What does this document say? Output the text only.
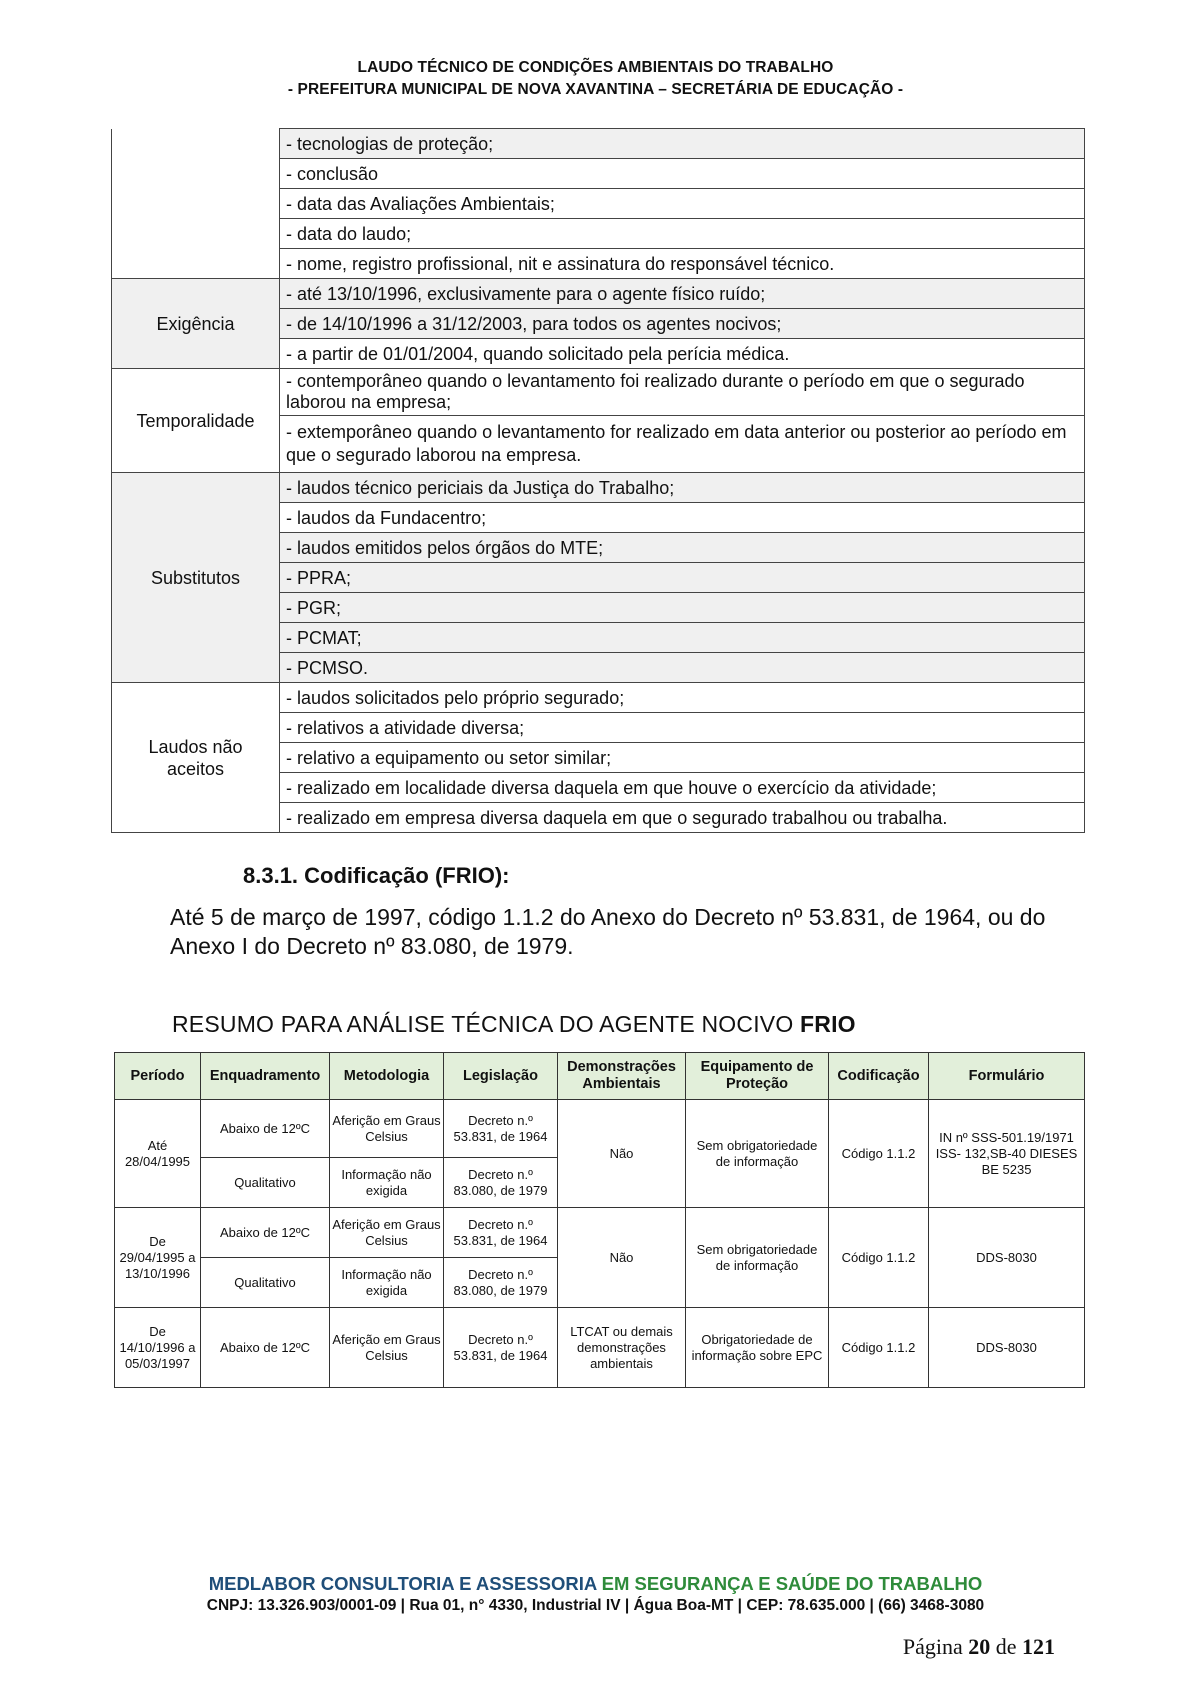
LAUDO TÉCNICO DE CONDIÇÕES AMBIENTAIS DO TRABALHO
- PREFEITURA MUNICIPAL DE NOVA XAVANTINA – SECRETÁRIA DE EDUCAÇÃO -
	- tecnologias de proteção;
	- conclusão
	- data das Avaliações Ambientais;
	- data do laudo;
	- nome, registro profissional, nit e assinatura do responsável técnico.
Exigência	- até 13/10/1996, exclusivamente para o agente físico ruído;
	- de 14/10/1996 a 31/12/2003, para todos os agentes nocivos;
	- a partir de 01/01/2004, quando solicitado pela perícia médica.
Temporalidade	- contemporâneo quando o levantamento foi realizado durante o período em que o segurado laborou na empresa;
	- extemporâneo quando o levantamento for realizado em data anterior ou posterior ao período em que o segurado laborou na empresa.
Substitutos	- laudos técnico periciais da Justiça do Trabalho;
	- laudos da Fundacentro;
	- laudos emitidos pelos órgãos do MTE;
	- PPRA;
	- PGR;
	- PCMAT;
	- PCMSO.

Laudos não
aceitos	- laudos solicitados pelo próprio segurado;
	- relativos a atividade diversa;
	- relativo a equipamento ou setor similar;
	- realizado em localidade diversa daquela em que houve o exercício da atividade;
	- realizado em empresa diversa daquela em que o segurado trabalhou ou trabalha.
8.3.1. Codificação (FRIO):
Até 5 de março de 1997, código 1.1.2 do Anexo do Decreto nº 53.831, de 1964, ou do Anexo I do Decreto nº 83.080, de 1979.
RESUMO PARA ANÁLISE TÉCNICA DO AGENTE NOCIVO FRIO
Período	Enquadramento	Metodologia	Legislação	Demonstrações Ambientais	Equipamento de Proteção	Codificação	Formulário
Até 28/04/1995	Abaixo de 12ºC	Aferição em Graus Celsius	Decreto n.º 53.831, de 1964	Não	Sem obrigatoriedade de informação	Código 1.1.2	IN nº SSS-501.19/1971 ISS- 132,SB-40 DIESES BE 5235
	Qualitativo	Informação não exigida	Decreto n.º 83.080, de 1979				
De 29/04/1995 a 13/10/1996	Abaixo de 12ºC	Aferição em Graus Celsius	Decreto n.º 53.831, de 1964	Não	Sem obrigatoriedade de informação	Código 1.1.2	DDS-8030
	Qualitativo	Informação não exigida	Decreto n.º 83.080, de 1979				
De 14/10/1996 a 05/03/1997	Abaixo de 12ºC	Aferição em Graus Celsius	Decreto n.º 53.831, de 1964	LTCAT ou demais demonstrações ambientais	Obrigatoriedade de informação sobre EPC	Código 1.1.2	DDS-8030
MEDLABOR CONSULTORIA E ASSESSORIA EM SEGURANÇA E SAÚDE DO TRABALHO
CNPJ: 13.326.903/0001-09 | Rua 01, n° 4330, Industrial IV | Água Boa-MT | CEP: 78.635.000 | (66) 3468-3080
Página 20 de 121
